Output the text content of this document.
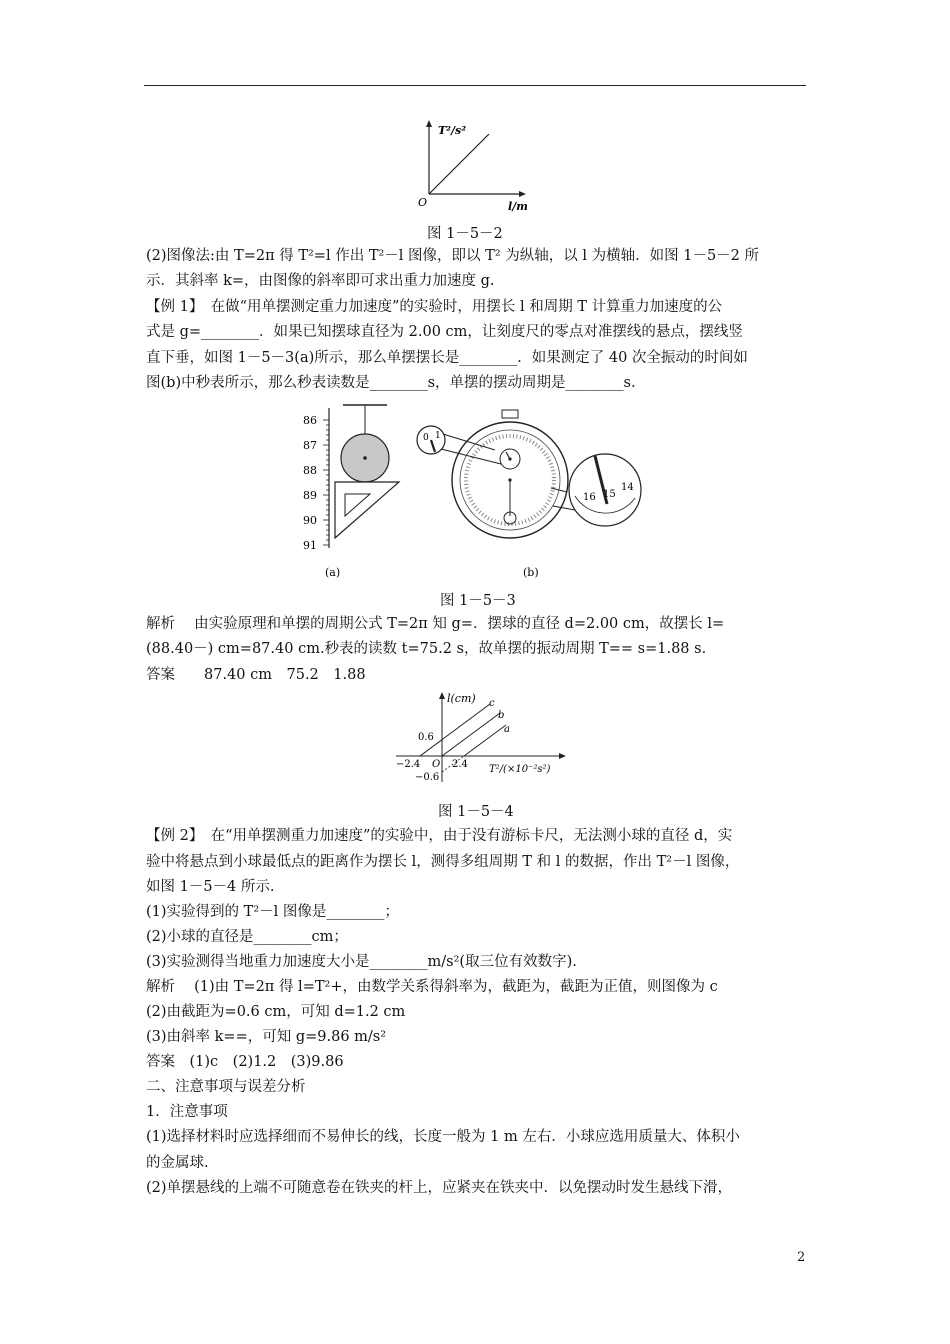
T²/s²
O	l/m
图 1－5－2
(2)图像法:由 T=2π 得 T²=l 作出 T²－l 图像，即以 T² 为纵轴，以 l 为横轴．如图 1－5－2 所
示．其斜率 k=，由图像的斜率即可求出重力加速度 g.
【例 1】　在做“用单摆测定重力加速度”的实验时，用摆长 l 和周期 T 计算重力加速度的公
式是 g=________．如果已知摆球直径为 2.00 cm，让刻度尺的零点对准摆线的悬点，摆线竖
直下垂，如图 1－5－3(a)所示，那么单摆摆长是________．如果测定了 40 次全振动的时间如
图(b)中秒表所示，那么秒表读数是________s，单摆的摆动周期是________s.
86
87
88
89
90
91
(a)
0 1
16 15
14
(b)
图 1－5－3
解析　 由实验原理和单摆的周期公式 T=2π 知 g=．摆球的直径 d=2.00 cm，故摆长 l=
(88.40－) cm=87.40 cm.秒表的读数 t=75.2 s，故单摆的振动周期 T== s=1.88 s.
答案　　87.40 cm　75.2　1.88
l(cm) c
b
a
0.6
−2.4 O 2.4
−0.6
T²/(×10⁻²s²)
图 1－5－4
【例 2】　在“用单摆测重力加速度”的实验中，由于没有游标卡尺，无法测小球的直径 d，实
验中将悬点到小球最低点的距离作为摆长 l，测得多组周期 T 和 l 的数据，作出 T²－l 图像，
如图 1－5－4 所示.
(1)实验得到的 T²－l 图像是________；
(2)小球的直径是________cm；
(3)实验测得当地重力加速度大小是________m/s²(取三位有效数字).
解析　 (1)由 T=2π 得 l=T²+，由数学关系得斜率为，截距为，截距为正值，则图像为 c
(2)由截距为=0.6 cm，可知 d=1.2 cm
(3)由斜率 k==，可知 g=9.86 m/s²
答案　(1)c　(2)1.2　(3)9.86
二、注意事项与误差分析
1．注意事项
(1)选择材料时应选择细而不易伸长的线，长度一般为 1 m 左右．小球应选用质量大、体积小
的金属球.
(2)单摆悬线的上端不可随意卷在铁夹的杆上，应紧夹在铁夹中．以免摆动时发生悬线下滑，
2
